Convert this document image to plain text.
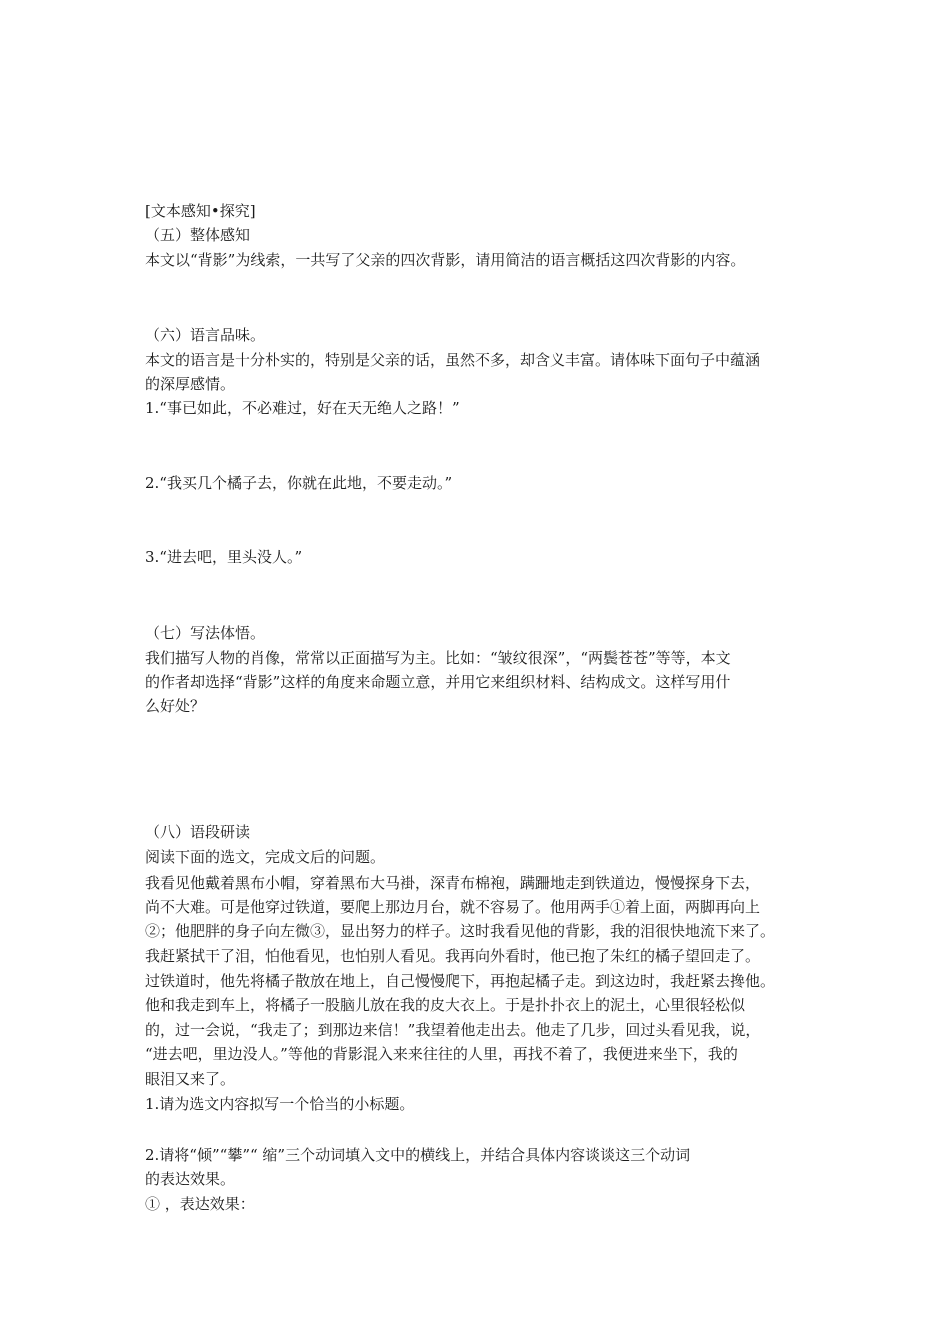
[文本感知•探究]

（五）整体感知

本文以“背影”为线索，一共写了父亲的四次背影，请用简洁的语言概括这四次背影的内容。

（六）语言品味。

本文的语言是十分朴实的，特别是父亲的话，虽然不多，却含义丰富。请体味下面句子中蕴涵

的深厚感情。

1.“事已如此，不必难过，好在天无绝人之路！”

2.“我买几个橘子去，你就在此地，不要走动。”

3.“进去吧，里头没人。”

（七）写法体悟。

我们描写人物的肖像，常常以正面描写为主。比如：“皱纹很深”，“两鬓苍苍”等等，本文

的作者却选择“背影”这样的角度来命题立意，并用它来组织材料、结构成文。这样写用什

么好处？

（八）语段研读

阅读下面的选文，完成文后的问题。

我看见他戴着黑布小帽，穿着黑布大马褂，深青布棉袍，蹒跚地走到铁道边，慢慢探身下去，

尚不大难。可是他穿过铁道，要爬上那边月台，就不容易了。他用两手①着上面，两脚再向上

②；他肥胖的身子向左微③，显出努力的样子。这时我看见他的背影，我的泪很快地流下来了。

我赶紧拭干了泪，怕他看见，也怕别人看见。我再向外看时，他已抱了朱红的橘子望回走了。

过铁道时，他先将橘子散放在地上，自己慢慢爬下，再抱起橘子走。到这边时，我赶紧去搀他。

他和我走到车上，将橘子一股脑儿放在我的皮大衣上。于是扑扑衣上的泥土，心里很轻松似

的，过一会说，“我走了；到那边来信！”我望着他走出去。他走了几步，回过头看见我，说，

“进去吧，里边没人。”等他的背影混入来来往往的人里，再找不着了，我便进来坐下，我的

眼泪又来了。

1.请为选文内容拟写一个恰当的小标题。

2.请将“倾”“攀”“ 缩”三个动词填入文中的横线上，并结合具体内容谈谈这三个动词

的表达效果。

① ，表达效果：
